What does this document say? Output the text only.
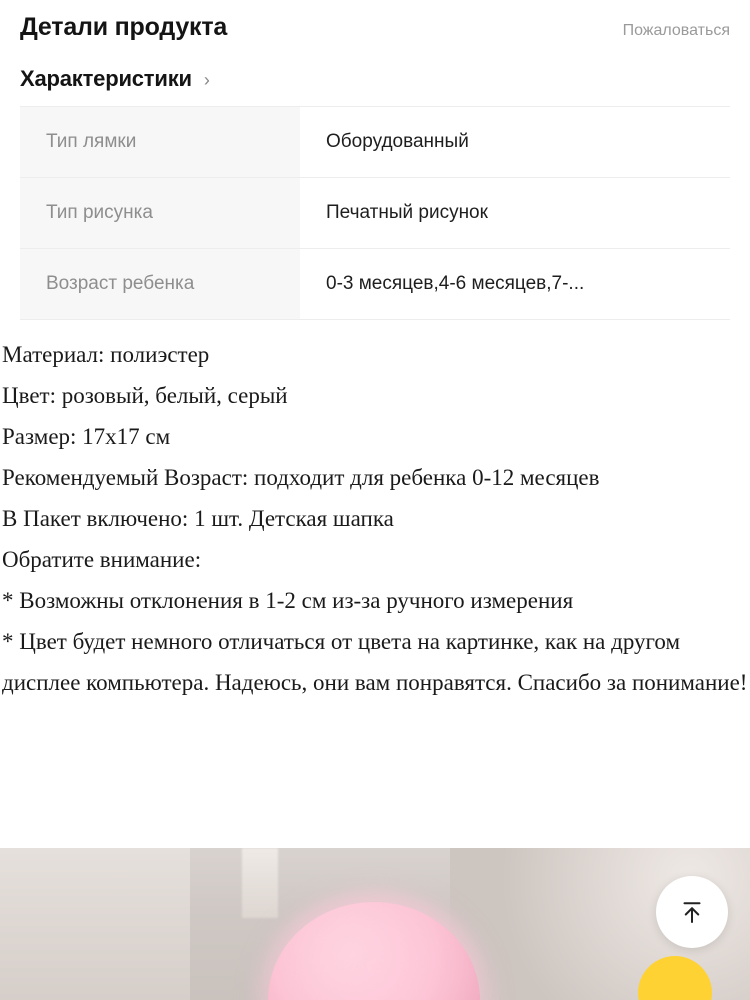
Детали продукта	Пожаловаться
Характеристики ›
Тип лямки	Оборудованный
Тип рисунка	Печатный рисунок
Возраст ребенка	0-3 месяцев,4-6 месяцев,7-...

Материал: полиэстер

Цвет: розовый, белый, серый

Размер: 17x17 см

Рекомендуемый Возраст: подходит для ребенка 0-12 месяцев

В Пакет включено: 1 шт. Детская шапка

Обратите внимание:

* Возможны отклонения в 1-2 см из-за ручного измерения

* Цвет будет немного отличаться от цвета на картинке, как на другом дисплее компьютера. Надеюсь, они вам понравятся. Спасибо за понимание!
